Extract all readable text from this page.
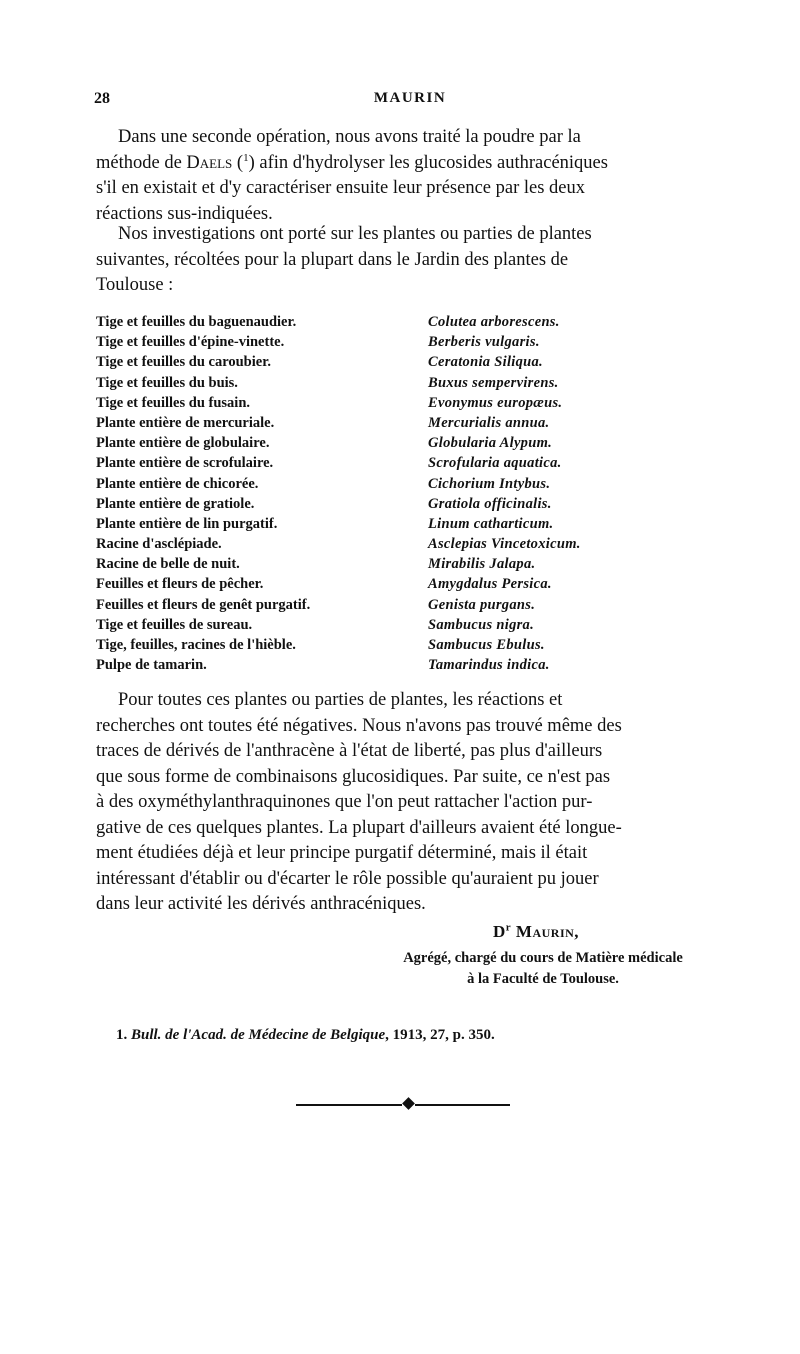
28	MAURIN
Dans une seconde opération, nous avons traité la poudre par la
méthode de Daels ($^1$) afin d'hydrolyser les glucosides authracéniques
s'il en existait et d'y caractériser ensuite leur présence par les deux
réactions sus-indiquées.
Nos investigations ont porté sur les plantes ou parties de plantes
suivantes, récoltées pour la plupart dans le Jardin des plantes de
Toulouse :
Tige et feuilles du baguenaudier.	Colutea arborescens.
Tige et feuilles d'épine-vinette.	Berberis vulgaris.
Tige et feuilles du caroubier.	Ceratonia Siliqua.
Tige et feuilles du buis.	Buxus sempervirens.
Tige et feuilles du fusain.	Evonymus europæus.
Plante entière de mercuriale.	Mercurialis annua.
Plante entière de globulaire.	Globularia Alypum.
Plante entière de scrofulaire.	Scrofularia aquatica.
Plante entière de chicorée.	Cichorium Intybus.
Plante entière de gratiole.	Gratiola officinalis.
Plante entière de lin purgatif.	Linum catharticum.
Racine d'asclépiade.	Asclepias Vincetoxicum.
Racine de belle de nuit.	Mirabilis Jalapa.
Feuilles et fleurs de pêcher.	Amygdalus Persica.
Feuilles et fleurs de genêt purgatif.	Genista purgans.
Tige et feuilles de sureau.	Sambucus nigra.
Tige, feuilles, racines de l'hièble.	Sambucus Ebulus.
Pulpe de tamarin.	Tamarindus indica.
Pour toutes ces plantes ou parties de plantes, les réactions et
recherches ont toutes été négatives. Nous n'avons pas trouvé même des
traces de dérivés de l'anthracène à l'état de liberté, pas plus d'ailleurs
que sous forme de combinaisons glucosidiques. Par suite, ce n'est pas
à des oxyméthylanthraquinones que l'on peut rattacher l'action pur-
gative de ces quelques plantes. La plupart d'ailleurs avaient été longue-
ment étudiées déjà et leur principe purgatif déterminé, mais il était
intéressant d'établir ou d'écarter le rôle possible qu'auraient pu jouer
dans leur activité les dérivés anthracéniques.
$D^r$ Maurin,
Agrégé, chargé du cours de Matière médicale
à la Faculté de Toulouse.
1. Bull. de l'Acad. de Médecine de Belgique, 1913, 27, p. 350.
